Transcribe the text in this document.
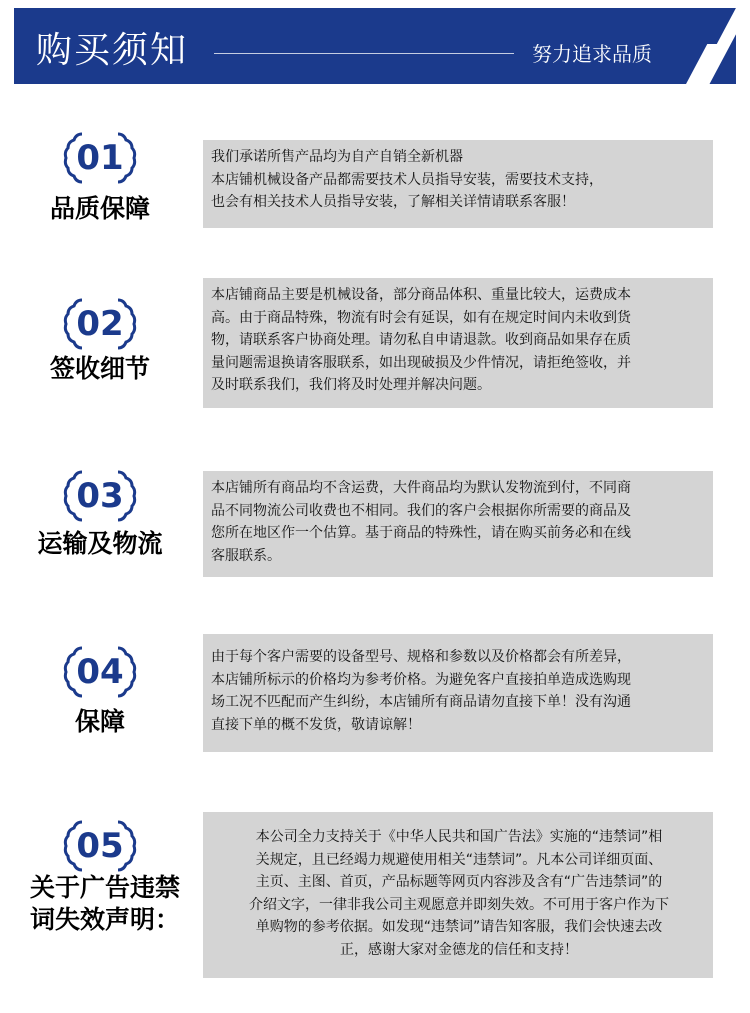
购买须知	努力追求品质
01
品质保障

我们承诺所售产品均为自产自销全新机器

本店铺机械设备产品都需要技术人员指导安装，需要技术支持，

也会有相关技术人员指导安装，了解相关详情请联系客服！

02
签收细节

本店铺商品主要是机械设备，部分商品体积、重量比较大，运费成本

高。由于商品特殊，物流有时会有延误，如有在规定时间内未收到货

物，请联系客户协商处理。请勿私自申请退款。收到商品如果存在质

量问题需退换请客服联系，如出现破损及少件情况，请拒绝签收，并

及时联系我们，我们将及时处理并解决问题。

03
运输及物流

本店铺所有商品均不含运费，大件商品均为默认发物流到付，不同商

品不同物流公司收费也不相同。我们的客户会根据你所需要的商品及

您所在地区作一个估算。基于商品的特殊性，请在购买前务必和在线

客服联系。

04
保障

由于每个客户需要的设备型号、规格和参数以及价格都会有所差异，

本店铺所标示的价格均为参考价格。为避免客户直接拍单造成选购现

场工况不匹配而产生纠纷，本店铺所有商品请勿直接下单！没有沟通

直接下单的概不发货，敬请谅解！

05
关于广告违禁
词失效声明：

本公司全力支持关于《中华人民共和国广告法》实施的“违禁词”相

关规定，且已经竭力规避使用相关“违禁词”。凡本公司详细页面、

主页、主图、首页，产品标题等网页内容涉及含有“广告违禁词”的

介绍文字，一律非我公司主观愿意并即刻失效。不可用于客户作为下

单购物的参考依据。如发现“违禁词”请告知客服，我们会快速去改

正，感谢大家对金德龙的信任和支持！
